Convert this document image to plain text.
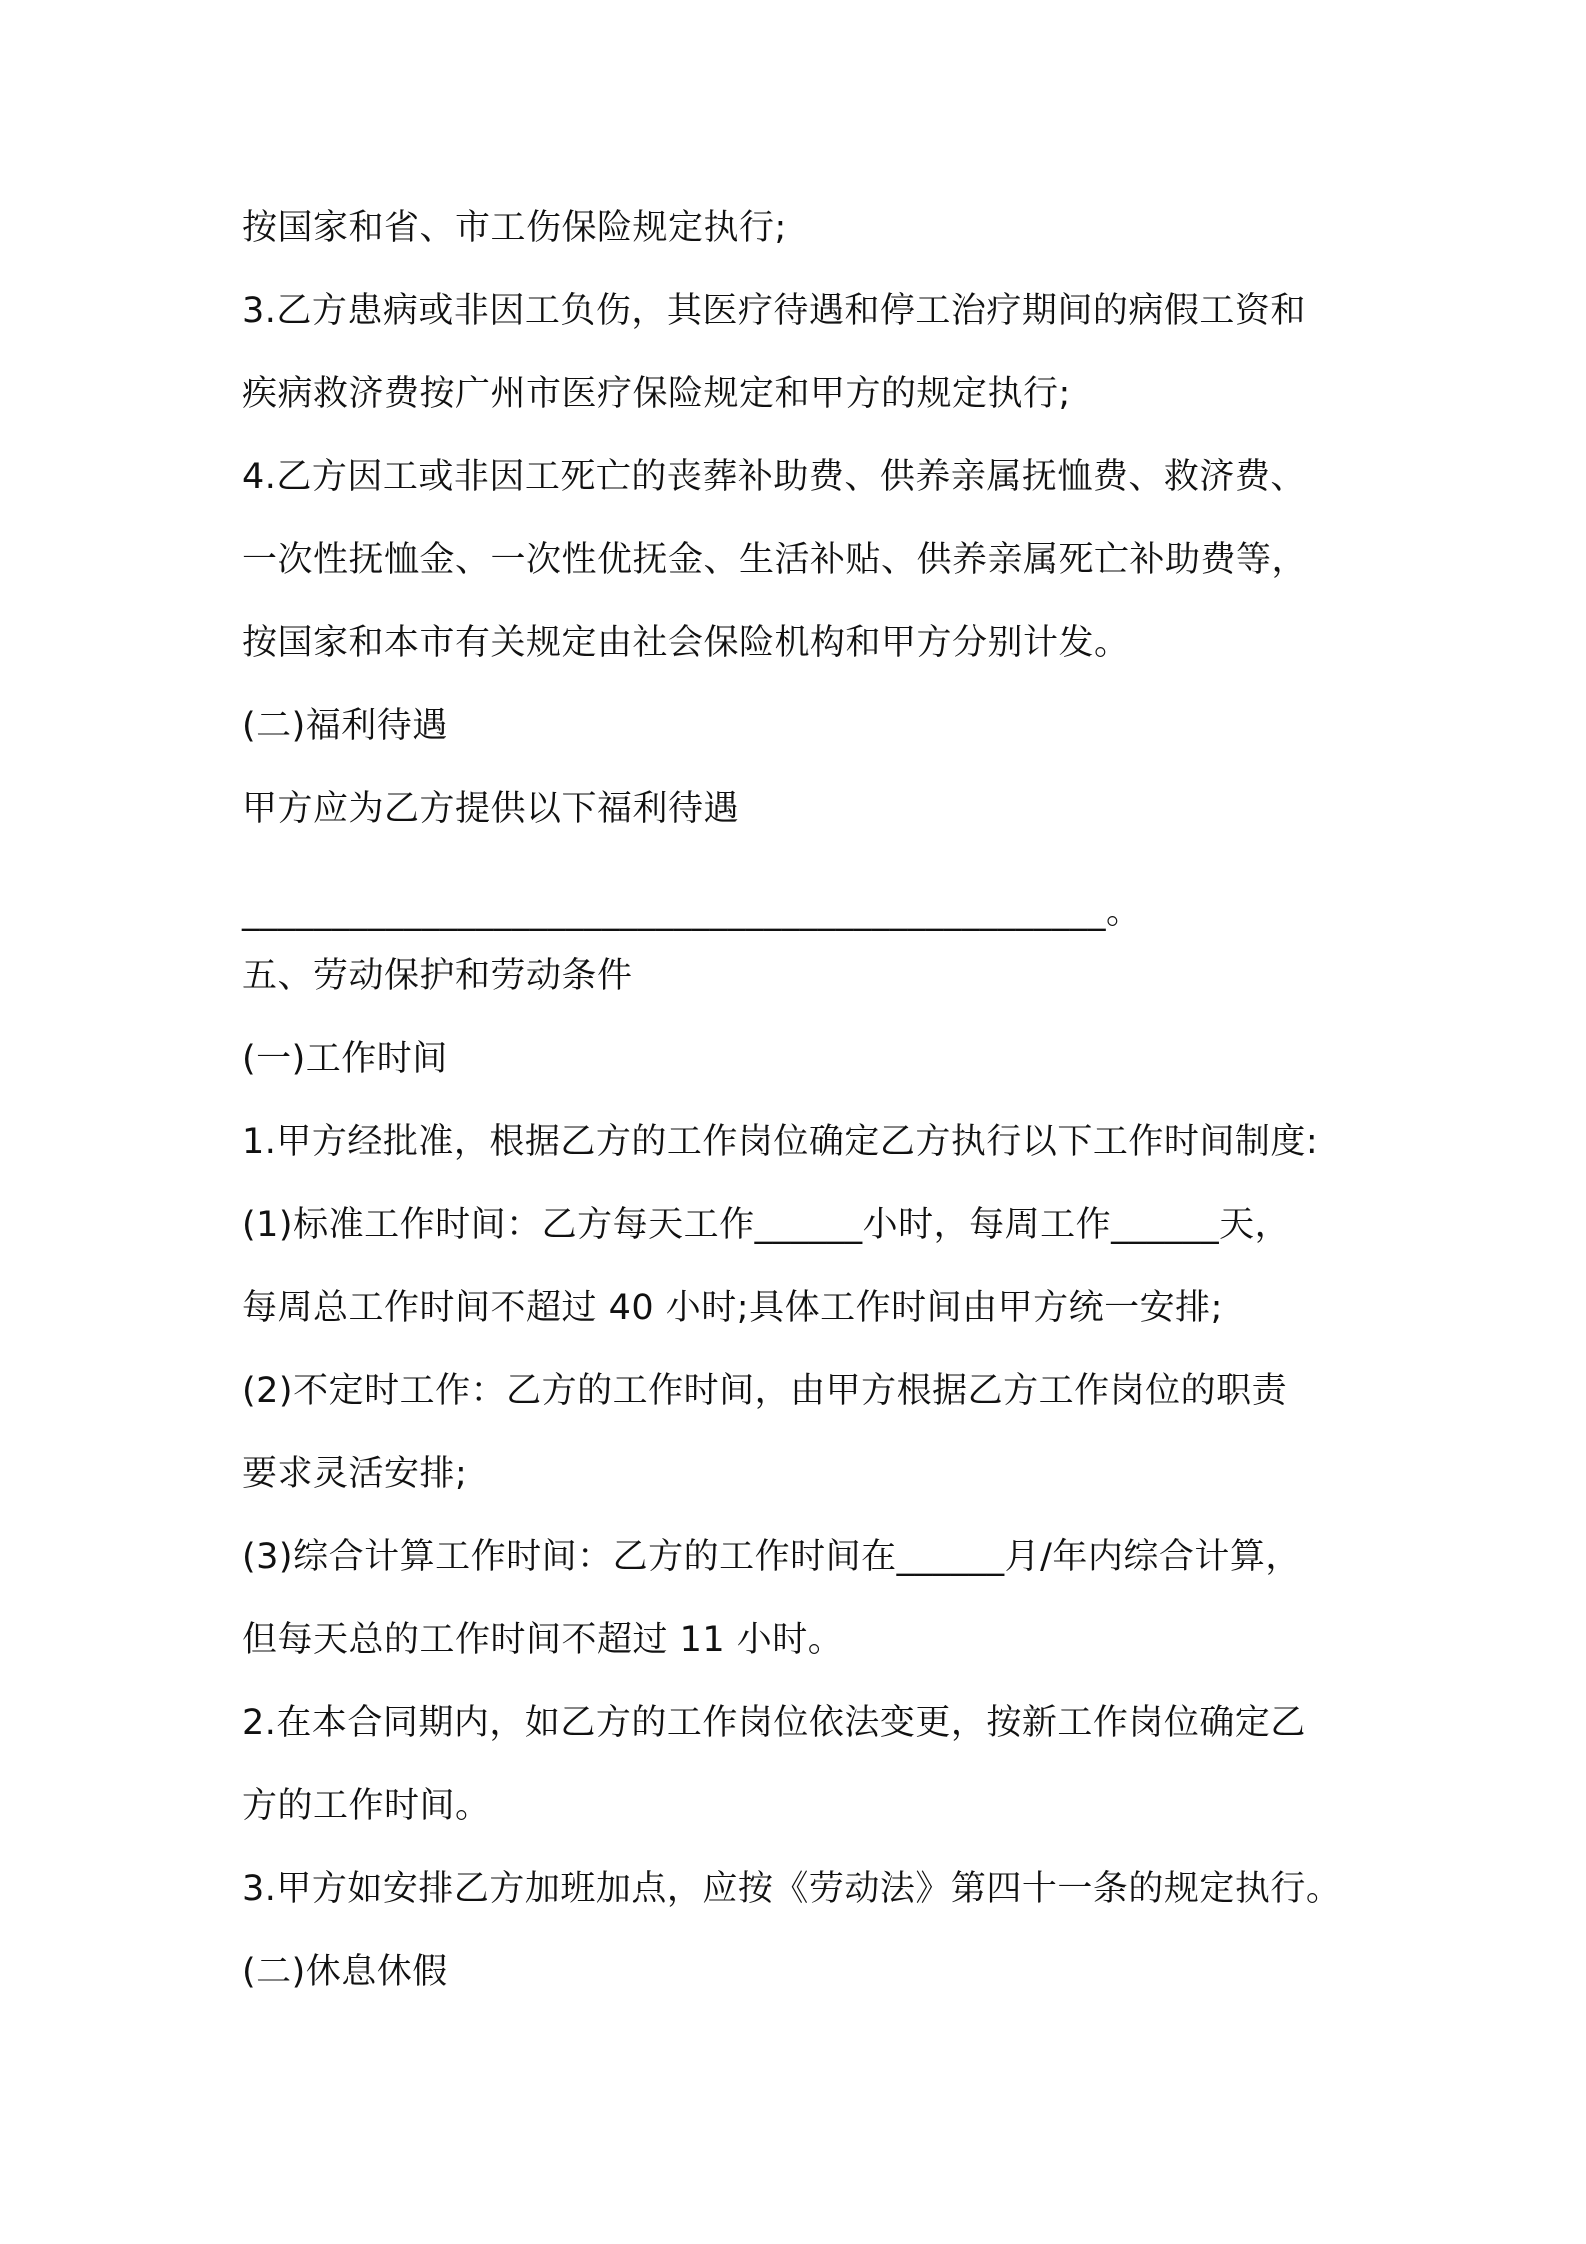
按国家和省、市工伤保险规定执行;

3.乙方患病或非因工负伤，其医疗待遇和停工治疗期间的病假工资和

疾病救济费按广州市医疗保险规定和甲方的规定执行;

4.乙方因工或非因工死亡的丧葬补助费、供养亲属抚恤费、救济费、

一次性抚恤金、一次性优抚金、生活补贴、供养亲属死亡补助费等，

按国家和本市有关规定由社会保险机构和甲方分别计发。

(二)福利待遇

甲方应为乙方提供以下福利待遇

________________________________________________。

五、劳动保护和劳动条件

(一)工作时间

1.甲方经批准，根据乙方的工作岗位确定乙方执行以下工作时间制度:

(1)标准工作时间：乙方每天工作______小时，每周工作______天，

每周总工作时间不超过 40 小时;具体工作时间由甲方统一安排;

(2)不定时工作：乙方的工作时间，由甲方根据乙方工作岗位的职责

要求灵活安排;

(3)综合计算工作时间：乙方的工作时间在______月/年内综合计算，

但每天总的工作时间不超过 11 小时。

2.在本合同期内，如乙方的工作岗位依法变更，按新工作岗位确定乙

方的工作时间。

3.甲方如安排乙方加班加点，应按《劳动法》第四十一条的规定执行。

(二)休息休假
